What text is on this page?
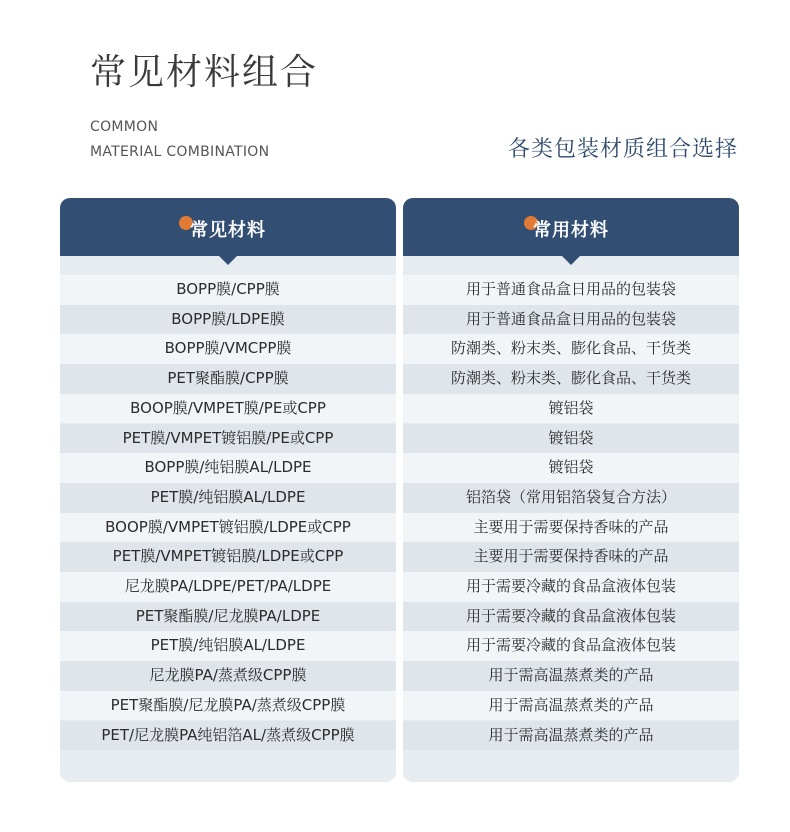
常见材料组合
COMMON
MATERIAL COMBINATION	各类包装材质组合选择
常见材料
BOPP膜/CPP膜
BOPP膜/LDPE膜
BOPP膜/VMCPP膜
PET聚酯膜/CPP膜
BOOP膜/VMPET膜/PE或CPP
PET膜/VMPET镀铝膜/PE或CPP
BOPP膜/纯铝膜AL/LDPE
PET膜/纯铝膜AL/LDPE
BOOP膜/VMPET镀铝膜/LDPE或CPP
PET膜/VMPET镀铝膜/LDPE或CPP
尼龙膜PA/LDPE/PET/PA/LDPE
PET聚酯膜/尼龙膜PA/LDPE
PET膜/纯铝膜AL/LDPE
尼龙膜PA/蒸煮级CPP膜
PET聚酯膜/尼龙膜PA/蒸煮级CPP膜
PET/尼龙膜PA纯铝箔AL/蒸煮级CPP膜
常用材料
用于普通食品盒日用品的包装袋
用于普通食品盒日用品的包装袋
防潮类、粉末类、膨化食品、干货类
防潮类、粉末类、膨化食品、干货类
镀铝袋
镀铝袋
镀铝袋
铝箔袋（常用铝箔袋复合方法）
主要用于需要保持香味的产品
主要用于需要保持香味的产品
用于需要冷藏的食品盒液体包装
用于需要冷藏的食品盒液体包装
用于需要冷藏的食品盒液体包装
用于需高温蒸煮类的产品
用于需高温蒸煮类的产品
用于需高温蒸煮类的产品
